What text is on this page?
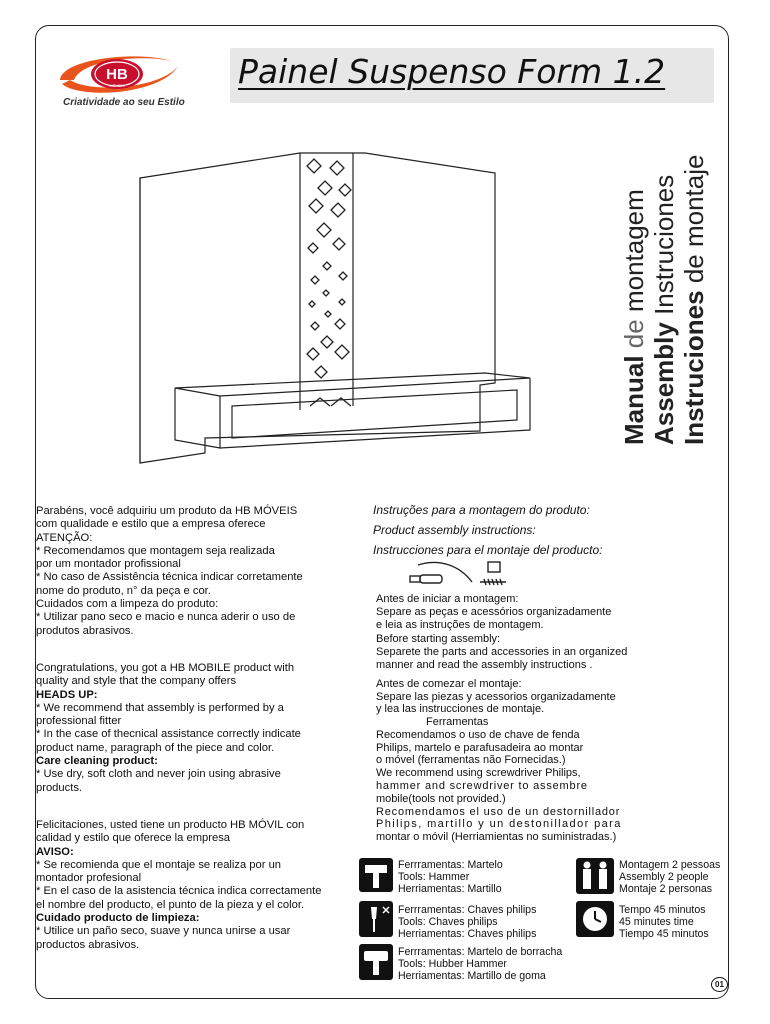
Painel Suspenso Form 1.2
HB
MÓVEIS
Criatividade ao seu Estilo
Manual de montagem
Assembly Instruciones
Instruciones de montaje

Parabéns, você adquiriu um produto da HB MÓVEIS

com qualidade e estilo que a empresa oferece

ATENÇÃO:

* Recomendamos que montagem seja realizada

por um montador profissional

* No caso de Assistência técnica indicar corretamente

nome do produto, n° da peça e cor.

Cuidados com a limpeza do produto:

* Utilizar pano seco e macio e nunca aderir o uso de

produtos abrasivos.

Congratulations, you got a HB MOBILE product with

quality and style that the company offers

HEADS UP:

* We recommend that assembly is performed by a

professional fitter

* In the case of thecnical assistance correctly indicate

product name, paragraph of the piece and color.

Care cleaning product:

* Use dry, soft cloth and never join using abrasive

products.

Felicitaciones, usted tiene un producto HB MÓVIL con

calidad y estilo que oferece la empresa

AVISO:

* Se recomienda que el montaje se realiza por un

montador profesional

* En el caso de la asistencia técnica indica correctamente

el nombre del producto, el punto de la pieza y el color.

Cuidado producto de limpieza:

* Utilice un paño seco, suave y nunca unirse a usar

productos abrasivos.

Instruções para a montagem do produto:

Product assembly instructions:

Instrucciones para el montaje del producto:

Antes de iniciar a montagem:

Separe as peças e acessórios organizadamente

e leia as instruções de montagem.

Before starting assembly:

Separete the parts and accessories in an organized

manner and read the assembly instructions .

Antes de comezar el montaje:

Separe las piezas y acessorios organizadamente

y lea las instrucciones de montaje.

Ferramentas

Recomendamos o uso de chave de fenda

Philips, martelo e parafusadeira ao montar

o móvel (ferramentas não Fornecidas.)

We recommend using screwdriver Philips,

hammer and screwdriver to assembre

mobile(tools not provided.)

Recomendamos el uso de un destornillador

Philips, martillo y un destonillador para

montar o móvil (Herriamientas no suministradas.)

Ferrramentas: Martelo

Tools: Hammer

Herriamentas: Martillo

Ferrramentas: Chaves philips

Tools: Chaves philips

Herriamentas: Chaves philips

Ferrramentas: Martelo de borracha

Tools: Hubber Hammer

Herriamentas: Martillo de goma

Montagem 2 pessoas

Assembly 2 people

Montaje 2 personas

Tempo 45 minutos

45 minutes time

Tiempo 45 minutos

01
